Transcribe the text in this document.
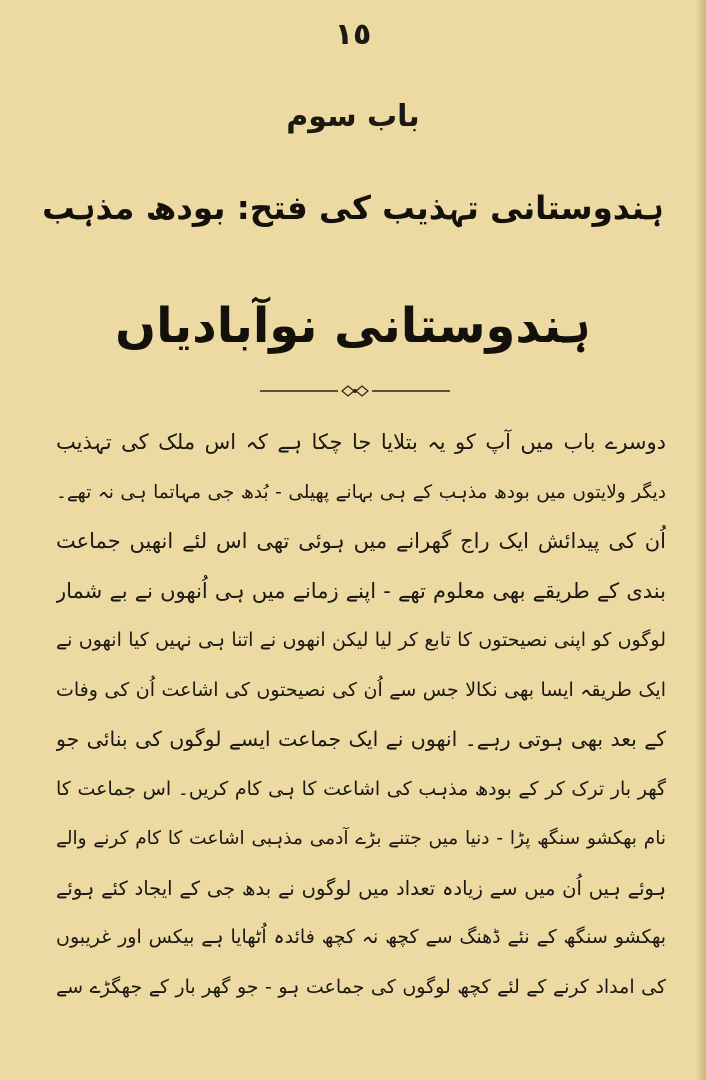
١٥
باب سوم
ہندوستانی تہذیب کی فتح: بودھ مذہب
ہندوستانی نوآبادیاں
دوسرے باب میں آپ کو یہ بتلایا جا چکا ہے کہ اس ملک کی تہذیب
دیگر ولایتوں میں بودھ مذہب کے ہی بہانے پھیلی - بُدھ جی مہاتما ہی نہ تھے۔
اُن کی پیدائش ایک راج گھرانے میں ہوئی تھی اس لئے انھیں جماعت
بندی کے طریقے بھی معلوم تھے - اپنے زمانے میں ہی اُنھوں نے بے شمار
لوگوں کو اپنی نصیحتوں کا تابع کر لیا لیکن انھوں نے اتنا ہی نہیں کیا انھوں نے
ایک طریقہ ایسا بھی نکالا جس سے اُن کی نصیحتوں کی اشاعت اُن کی وفات
کے بعد بھی ہوتی رہے۔ انھوں نے ایک جماعت ایسے لوگوں کی بنائی جو
گھر بار ترک کر کے بودھ مذہب کی اشاعت کا ہی کام کریں۔ اس جماعت کا
نام بھکشو سنگھ پڑا - دنیا میں جتنے بڑے آدمی مذہبی اشاعت کا کام کرنے والے
ہوئے ہیں اُن میں سے زیادہ تعداد میں لوگوں نے بدھ جی کے ایجاد کئے ہوئے
بھکشو سنگھ کے نئے ڈھنگ سے کچھ نہ کچھ فائدہ اُٹھایا ہے بیکس اور غریبوں
کی امداد کرنے کے لئے کچھ لوگوں کی جماعت ہو - جو گھر بار کے جھگڑے سے
